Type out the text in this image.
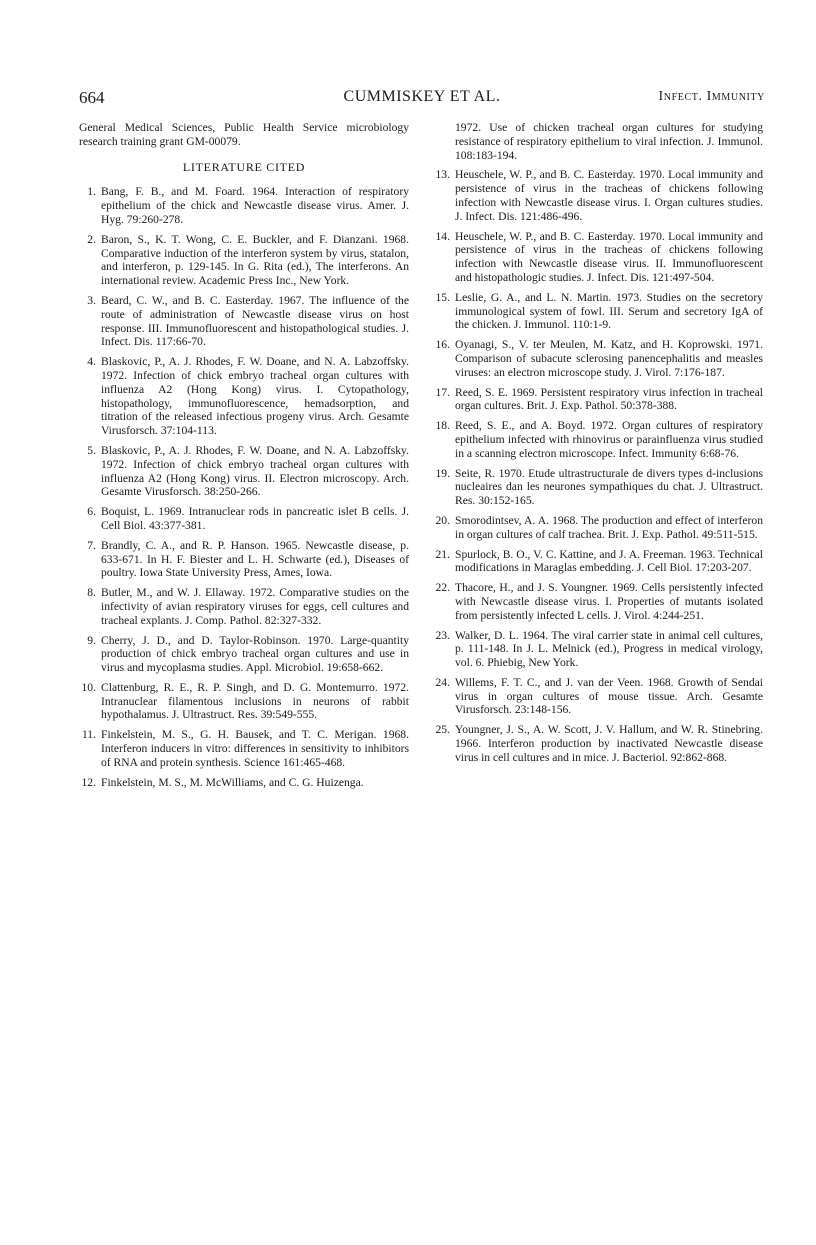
664	CUMMISKEY ET AL.	Infect. Immunity

General Medical Sciences, Public Health Service microbiology research training grant GM-00079.

LITERATURE CITED
1. Bang, F. B., and M. Foard. 1964. Interaction of respiratory epithelium of the chick and Newcastle disease virus. Amer. J. Hyg. 79:260-278.
2. Baron, S., K. T. Wong, C. E. Buckler, and F. Dianzani. 1968. Comparative induction of the interferon system by virus, statalon, and interferon, p. 129-145. In G. Rita (ed.), The interferons. An international review. Academic Press Inc., New York.
3. Beard, C. W., and B. C. Easterday. 1967. The influence of the route of administration of Newcastle disease virus on host response. III. Immunofluorescent and histopathological studies. J. Infect. Dis. 117:66-70.
4. Blaskovic, P., A. J. Rhodes, F. W. Doane, and N. A. Labzoffsky. 1972. Infection of chick embryo tracheal organ cultures with influenza A2 (Hong Kong) virus. I. Cytopathology, histopathology, immunofluorescence, hemadsorption, and titration of the released infectious progeny virus. Arch. Gesamte Virusforsch. 37:104-113.
5. Blaskovic, P., A. J. Rhodes, F. W. Doane, and N. A. Labzoffsky. 1972. Infection of chick embryo tracheal organ cultures with influenza A2 (Hong Kong) virus. II. Electron microscopy. Arch. Gesamte Virusforsch. 38:250-266.
6. Boquist, L. 1969. Intranuclear rods in pancreatic islet B cells. J. Cell Biol. 43:377-381.
7. Brandly, C. A., and R. P. Hanson. 1965. Newcastle disease, p. 633-671. In H. F. Biester and L. H. Schwarte (ed.), Diseases of poultry. Iowa State University Press, Ames, Iowa.
8. Butler, M., and W. J. Ellaway. 1972. Comparative studies on the infectivity of avian respiratory viruses for eggs, cell cultures and tracheal explants. J. Comp. Pathol. 82:327-332.
9. Cherry, J. D., and D. Taylor-Robinson. 1970. Large-quantity production of chick embryo tracheal organ cultures and use in virus and mycoplasma studies. Appl. Microbiol. 19:658-662.
10. Clattenburg, R. E., R. P. Singh, and D. G. Montemurro. 1972. Intranuclear filamentous inclusions in neurons of rabbit hypothalamus. J. Ultrastruct. Res. 39:549-555.
11. Finkelstein, M. S., G. H. Bausek, and T. C. Merigan. 1968. Interferon inducers in vitro: differences in sensitivity to inhibitors of RNA and protein synthesis. Science 161:465-468.
12. Finkelstein, M. S., M. McWilliams, and C. G. Huizenga.

1972. Use of chicken tracheal organ cultures for studying resistance of respiratory epithelium to viral infection. J. Immunol. 108:183-194.

13. Heuschele, W. P., and B. C. Easterday. 1970. Local immunity and persistence of virus in the tracheas of chickens following infection with Newcastle disease virus. I. Organ cultures studies. J. Infect. Dis. 121:486-496.
14. Heuschele, W. P., and B. C. Easterday. 1970. Local immunity and persistence of virus in the tracheas of chickens following infection with Newcastle disease virus. II. Immunofluorescent and histopathologic studies. J. Infect. Dis. 121:497-504.
15. Leslie, G. A., and L. N. Martin. 1973. Studies on the secretory immunological system of fowl. III. Serum and secretory IgA of the chicken. J. Immunol. 110:1-9.
16. Oyanagi, S., V. ter Meulen, M. Katz, and H. Koprowski. 1971. Comparison of subacute sclerosing panencephalitis and measles viruses: an electron microscope study. J. Virol. 7:176-187.
17. Reed, S. E. 1969. Persistent respiratory virus infection in tracheal organ cultures. Brit. J. Exp. Pathol. 50:378-388.
18. Reed, S. E., and A. Boyd. 1972. Organ cultures of respiratory epithelium infected with rhinovirus or parainfluenza virus studied in a scanning electron microscope. Infect. Immunity 6:68-76.
19. Seite, R. 1970. Etude ultrastructurale de divers types d-inclusions nucleaires dan les neurones sympathiques du chat. J. Ultrastruct. Res. 30:152-165.
20. Smorodintsev, A. A. 1968. The production and effect of interferon in organ cultures of calf trachea. Brit. J. Exp. Pathol. 49:511-515.
21. Spurlock, B. O., V. C. Kattine, and J. A. Freeman. 1963. Technical modifications in Maraglas embedding. J. Cell Biol. 17:203-207.
22. Thacore, H., and J. S. Youngner. 1969. Cells persistently infected with Newcastle disease virus. I. Properties of mutants isolated from persistently infected L cells. J. Virol. 4:244-251.
23. Walker, D. L. 1964. The viral carrier state in animal cell cultures, p. 111-148. In J. L. Melnick (ed.), Progress in medical virology, vol. 6. Phiebig, New York.
24. Willems, F. T. C., and J. van der Veen. 1968. Growth of Sendai virus in organ cultures of mouse tissue. Arch. Gesamte Virusforsch. 23:148-156.
25. Youngner, J. S., A. W. Scott, J. V. Hallum, and W. R. Stinebring. 1966. Interferon production by inactivated Newcastle disease virus in cell cultures and in mice. J. Bacteriol. 92:862-868.
